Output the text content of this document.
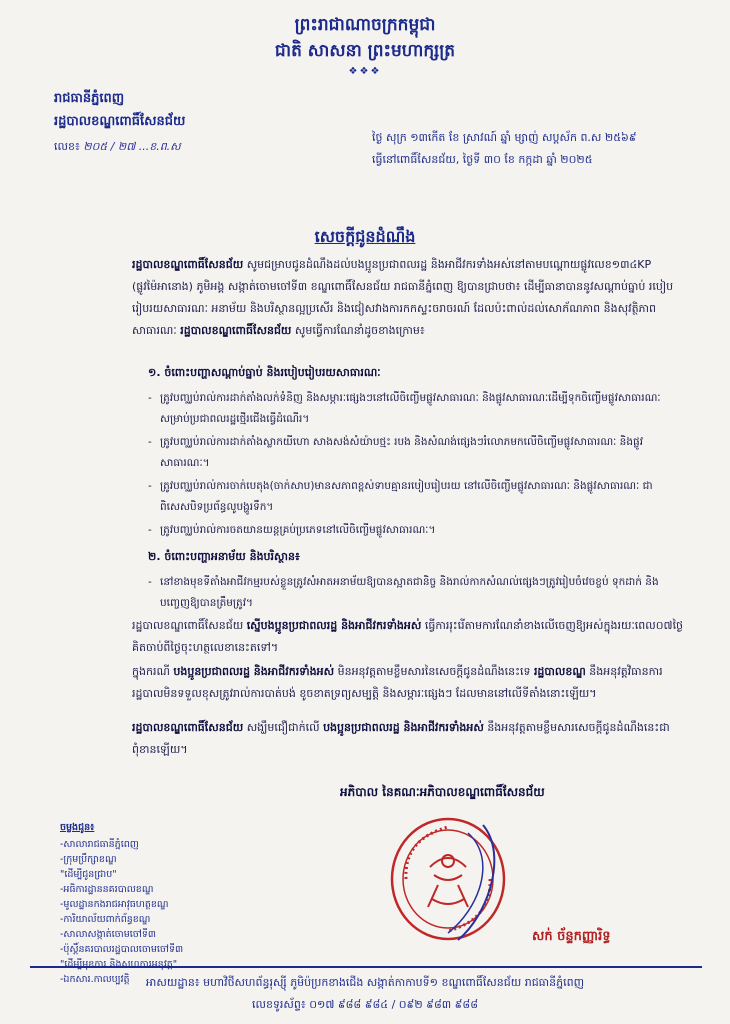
ព្រះរាជាណាចក្រកម្ពុជា
ជាតិ សាសនា ព្រះមហាក្សត្រ
❖❖❖
រាជធានីភ្នំពេញ
រដ្ឋបាលខណ្ឌពោធិ៍សែនជ័យ
លេខ៖ ២០៥ / ២៧ ...ខ.ព.ស
ថ្ងៃ សុក្រ ១៣កើត ខែ ស្រាវណ៍ ឆ្នាំ ម្សាញ់ សប្តស័ក ព.ស ២៥៦៩
ធ្វើនៅពោធិ៍សែនជ័យ, ថ្ងៃទី ៣០ ខែ កក្កដា ឆ្នាំ ២០២៥
សេចក្តីជូនដំណឹង
រដ្ឋបាលខណ្ឌពោធិ៍សែនជ័យ សូមជម្រាបជូនដំណឹងដល់បងប្អូនប្រជាពលរដ្ឋ និងអាជីវករទាំងអស់នៅតាមបណ្តោយផ្លូវលេខ១៣៤KP (ផ្លូវម៉ៃអានោង) ភូមិអង្គ សង្កាត់ចោមចៅទី៣ ខណ្ឌពោធិ៍សែនជ័យ រាជធានីភ្នំពេញ ឱ្យបានជ្រាបថា៖ ដើម្បីធានាបាននូវសណ្តាប់ធ្នាប់ របៀបរៀបរយសាធារណៈ អនាម័យ និងបរិស្ថានល្អប្រសើរ និងជៀសវាងការកកស្ទះចរាចរណ៍ ដែលប៉ះពាល់ដល់សោភ័ណភាព និងសុវត្ថិភាពសាធារណៈ រដ្ឋបាលខណ្ឌពោធិ៍សែនជ័យ សូមធ្វើការណែនាំដូចខាងក្រោម៖
១. ចំពោះបញ្ហាសណ្តាប់ធ្នាប់ និងរបៀបរៀបរយសាធារណៈ
- ត្រូវបញ្ឈប់រាល់ការដាក់តាំងលក់ទំនិញ និងសម្ភារៈផ្សេងៗនៅលើចិញ្ចើមផ្លូវសាធារណៈ និងផ្លូវសាធារណៈដើម្បីទុកចិញ្ចើមផ្លូវសាធារណៈសម្រាប់ប្រជាពលរដ្ឋថ្មើរជើងធ្វើដំណើរ។
- ត្រូវបញ្ឈប់រាល់ការដាក់តាំងស្លាកយីហោ សាងសង់សំយ៉ាបថ្មះ របង និងសំណង់ផ្សេងៗរំលោភមកលើចិញ្ចើមផ្លូវសាធារណៈ និងផ្លូវសាធារណៈ។
- ត្រូវបញ្ឈប់រាល់ការចាក់បេតុង(ចាក់សាប)មានសភាពខ្ពស់ទាបគ្មានរបៀបរៀបរយ នៅលើចិញ្ចើមផ្លូវសាធារណៈ និងផ្លូវសាធារណៈ ជាពិសេសបិទប្រព័ន្ធលូបង្ហូរទឹក។
- ត្រូវបញ្ឈប់រាល់ការចតយានយន្តគ្រប់ប្រភេទនៅលើចិញ្ចើមផ្លូវសាធារណៈ។
២. ចំពោះបញ្ហាអនាម័យ និងបរិស្ថាន៖
- នៅខាងមុខទីតាំងអាជីវកម្មរបស់ខ្លួនត្រូវសំអាតអនាម័យឱ្យបានស្អាតជានិច្ច និងរាល់កាកសំណល់ផ្សេងៗត្រូវរៀបចំវេចខ្ចប់ ទុកដាក់ និងបញ្ចេញឱ្យបានត្រឹមត្រូវ។
រដ្ឋបាលខណ្ឌពោធិ៍សែនជ័យ ស្នើបងប្អូនប្រជាពលរដ្ឋ និងអាជីវករទាំងអស់ ធ្វើការរុះរើតាមការណែនាំខាងលើចេញឱ្យអស់ក្នុងរយៈពេល០៧ថ្ងៃ គិតចាប់ពីថ្ងៃចុះហត្ថលេខានេះតទៅ។
ក្នុងករណី បងប្អូនប្រជាពលរដ្ឋ និងអាជីវករទាំងអស់ មិនអនុវត្តតាមខ្លឹមសារនៃសេចក្តីជូនដំណឹងនេះទេ រដ្ឋបាលខណ្ឌ នឹងអនុវត្តវិធានការរដ្ឋបាលមិនទទួលខុសត្រូវរាល់ការបាត់បង់ ខូចខាតទ្រព្យសម្បត្តិ និងសម្ភារៈផ្សេងៗ ដែលមាននៅលើទីតាំងនោះឡើយ។
រដ្ឋបាលខណ្ឌពោធិ៍សែនជ័យ សង្ឃឹមជឿជាក់លើ បងប្អូនប្រជាពលរដ្ឋ និងអាជីវករទាំងអស់ នឹងអនុវត្តតាមខ្លឹមសារសេចក្តីជូនដំណឹងនេះជាពុំខានឡើយ។
អភិបាល នៃគណៈអភិបាលខណ្ឌពោធិ៍សែនជ័យ
ចម្លងជូន៖
-សាលារាជធានីភ្នំពេញ
-ក្រុមប្រឹក្សាខណ្ឌ
"ដើម្បីជូនជ្រាប"
-អធិការដ្ឋាននគរបាលខណ្ឌ
-មូលដ្ឋានកងរាជអាវុធហត្ថខណ្ឌ
-ការិយាល័យពាក់ព័ន្ធខណ្ឌ
-សាលាសង្កាត់ចោមចៅទី៣
-ប៉ុស្តិ៍នគរបាលរដ្ឋបាលចោមចៅទី៣
"ដើម្បីមុខការ និងសហការអនុវត្ត"
-ឯកសារ.កាលប្បវត្តិ
សក់ ច័ន្ទកញ្ញារិទ្ធ
អាសយដ្ឋាន៖ មហាវិថីសហព័ន្ធរុស្ស៊ី ភូមិប៉ប្រកខាងជើង សង្កាត់កាកាបទី១ ខណ្ឌពោធិ៍សែនជ័យ រាជធានីភ្នំពេញ
លេខទូរស័ព្ទ៖ ០១៧ ៩៨៨ ៩៨៤ / ០៩២ ៩៨៣ ៩៨៨
